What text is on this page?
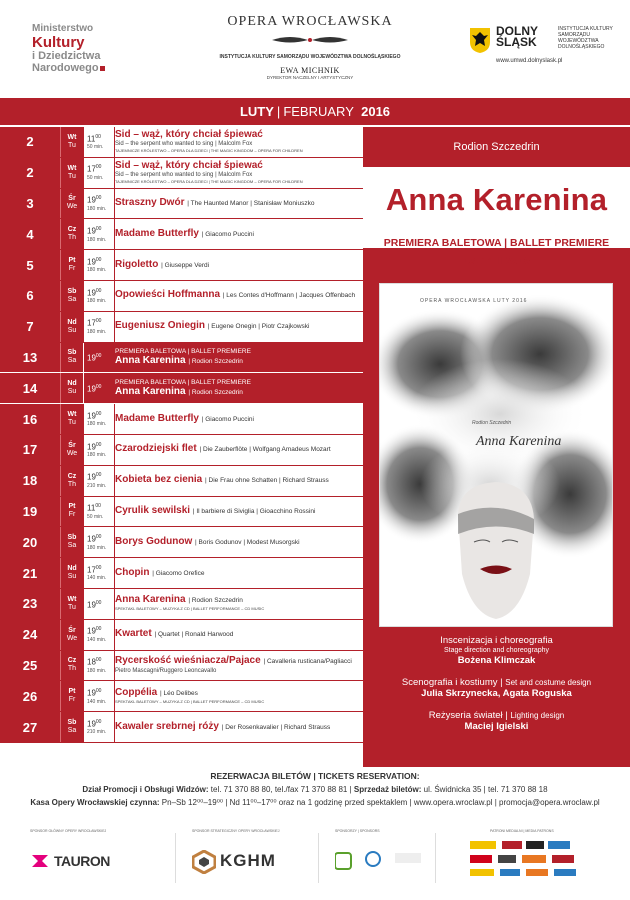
Ministerstwo
Kultury
i Dziedzictwa
Narodowego
OPERA WROCŁAWSKA
INSTYTUCJA KULTURY SAMORZĄDU WOJEWÓDZTWA DOLNOŚLĄSKIEGO
EWA MICHNIK
DYREKTOR NACZELNY I ARTYSTYCZNY
DOLNY ŚLĄSK
INSTYTUCJA KULTURY SAMORZĄDU WOJEWÓDZTWA DOLNOŚLĄSKIEGO
www.umwd.dolnyslask.pl
LUTY | FEBRUARY 2016
2	Wt
Tu
$11^{00}$
50 min.
Sid – wąż, który chciał śpiewać
Sid – the serpent who wanted to sing | Malcolm Fox
TAJEMNICZE KRÓLESTWO – OPERA DLA DZIECI | THE MAGIC KINGDOM – OPERA FOR CHILDREN
2	Wt
Tu
$17^{00}$
50 min.
Sid – wąż, który chciał śpiewać
Sid – the serpent who wanted to sing | Malcolm Fox
TAJEMNICZE KRÓLESTWO – OPERA DLA DZIECI | THE MAGIC KINGDOM – OPERA FOR CHILDREN
3	Śr
We
$19^{00}$
180 min.
Straszny Dwór | The Haunted Manor | Stanisław Moniuszko
4	Cz
Th
$19^{00}$
180 min.
Madame Butterfly | Giacomo Puccini
5	Pt
Fr
$19^{00}$
180 min.
Rigoletto | Giuseppe Verdi
6	Sb
Sa
$19^{00}$
180 min.
Opowieści Hoffmanna | Les Contes d'Hoffmann | Jacques Offenbach
7	Nd
Su
$17^{00}$
180 min.
Eugeniusz Oniegin | Eugene Onegin | Piotr Czajkowski
13	Sb
Sa $19^{00}$
PREMIERA BALETOWA | BALLET PREMIERE
Anna Karenina | Rodion Szczedrin
14	Nd
Su $19^{00}$
PREMIERA BALETOWA | BALLET PREMIERE
Anna Karenina | Rodion Szczedrin
16	Wt
Tu
$19^{00}$
180 min.
Madame Butterfly | Giacomo Puccini
17	Śr
We
$19^{00}$
180 min.
Czarodziejski flet | Die Zauberflöte | Wolfgang Amadeus Mozart
18	Cz
Th
$19^{00}$
210 min.
Kobieta bez cienia | Die Frau ohne Schatten | Richard Strauss
19	Pt
Fr
$11^{00}$
50 min.
Cyrulik sewilski | Il barbiere di Siviglia | Gioacchino Rossini
20	Sb
Sa
$19^{00}$
180 min.
Borys Godunow | Boris Godunov | Modest Musorgski
21	Nd
Su
$17^{00}$
140 min.
Chopin | Giacomo Orefice
23	Wt
Tu $19^{00}$	Anna Karenina | Rodion Szczedrin
SPEKTAKL BALETOWY – MUZYKA Z CD | BALLET PERFORMANCE – CD MUSIC
24	Śr
We
$19^{00}$
140 min.
Kwartet | Quartet | Ronald Harwood
25	Cz
Th
$18^{00}$
180 min.
Rycerskość wieśniacza/Pajace | Cavalleria rusticana/Pagliacci
Pietro Mascagni/Ruggero Leoncavallo
26	Pt
Fr
$19^{00}$
140 min.
Coppélia | Léo Delibes
SPEKTAKL BALETOWY – MUZYKA Z CD | BALLET PERFORMANCE – CD MUSIC
27	Sb
Sa
$19^{00}$
210 min.
Kawaler srebrnej róży | Der Rosenkavalier | Richard Strauss
Rodion Szczedrin
Anna Karenina
PREMIERA BALETOWA | BALLET PREMIERE
13, 14 II 2016
OPERA WROCŁAWSKA LUTY 2016
Rodion Szczedrin
Anna Karenina
Inscenizacja i choreografia
Stage direction and choreography
Bożena Klimczak
Scenografia i kostiumy | Set and costume design
Julia Skrzynecka, Agata Roguska
Reżyseria świateł | Lighting design
Maciej Igielski
REZERWACJA BILETÓW | TICKETS RESERVATION:
Dział Promocji i Obsługi Widzów: tel. 71 370 88 80, tel./fax 71 370 88 81 | Sprzedaż biletów: ul. Świdnicka 35 | tel. 71 370 88 18
Kasa Opery Wrocławskiej czynna: Pn–Sb 12⁰⁰–19⁰⁰ | Nd 11⁰⁰–17⁰⁰ oraz na 1 godzinę przed spektaklem | www.opera.wroclaw.pl | promocja@opera.wroclaw.pl
SPONSOR GŁÓWNY OPERY WROCŁAWSKIEJ
TAURON
SPONSOR STRATEGICZNY OPERY WROCŁAWSKIEJ
KGHM
SPONSORZY | SPONSORS	PATRONI MEDIALNI | MEDIA PATRONS
